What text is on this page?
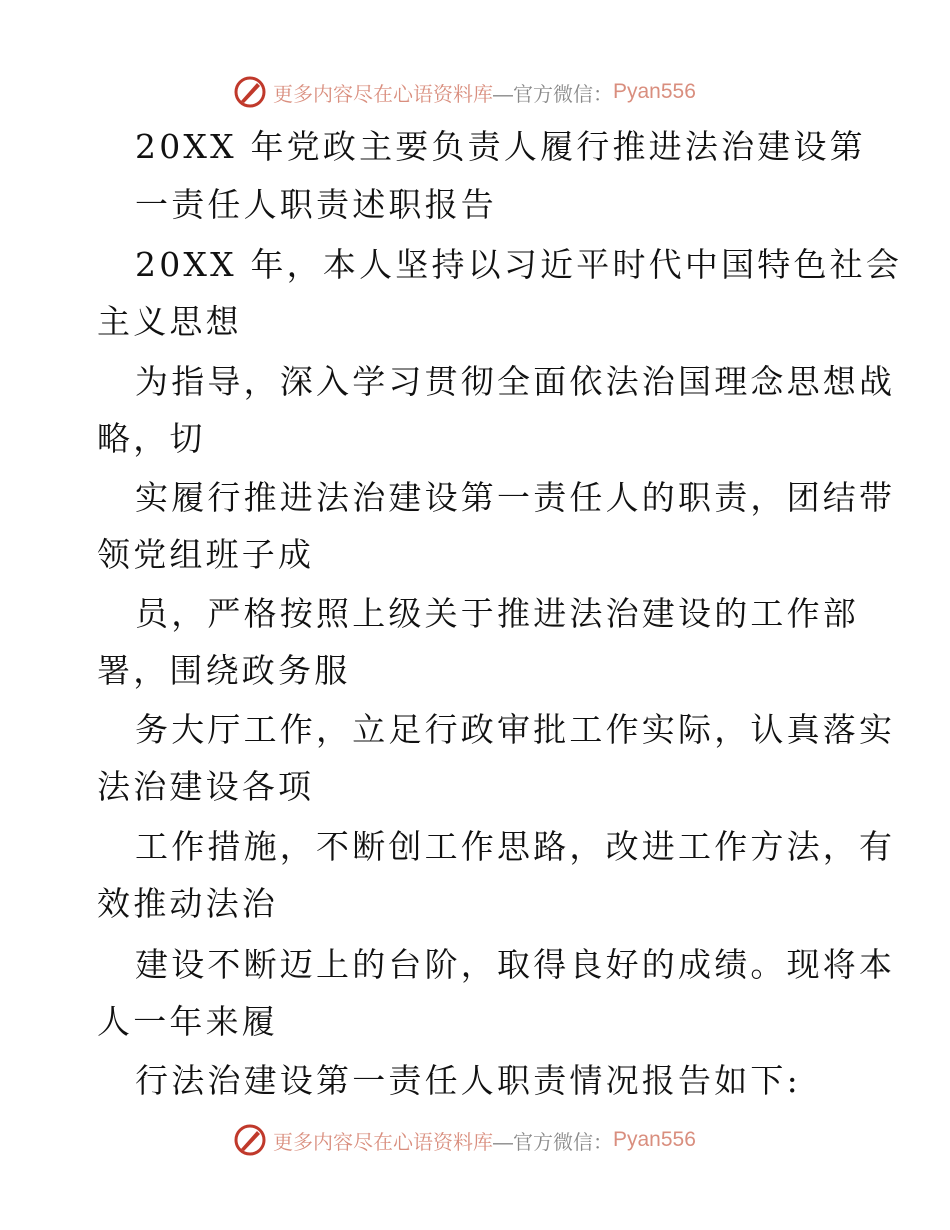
更多内容尽在心语资料库 —官方微信： Pyan556
20XX 年党政主要负责人履行推进法治建设第
一责任人职责述职报告
20XX 年，本人坚持以习近平时代中国特色社会
主义思想
为指导，深入学习贯彻全面依法治国理念思想战
略，切
实履行推进法治建设第一责任人的职责，团结带
领党组班子成
员，严格按照上级关于推进法治建设的工作部
署，围绕政务服
务大厅工作，立足行政审批工作实际，认真落实
法治建设各项
工作措施，不断创工作思路，改进工作方法，有
效推动法治
建设不断迈上的台阶，取得良好的成绩。现将本
人一年来履
行法治建设第一责任人职责情况报告如下:
更多内容尽在心语资料库 —官方微信： Pyan556
